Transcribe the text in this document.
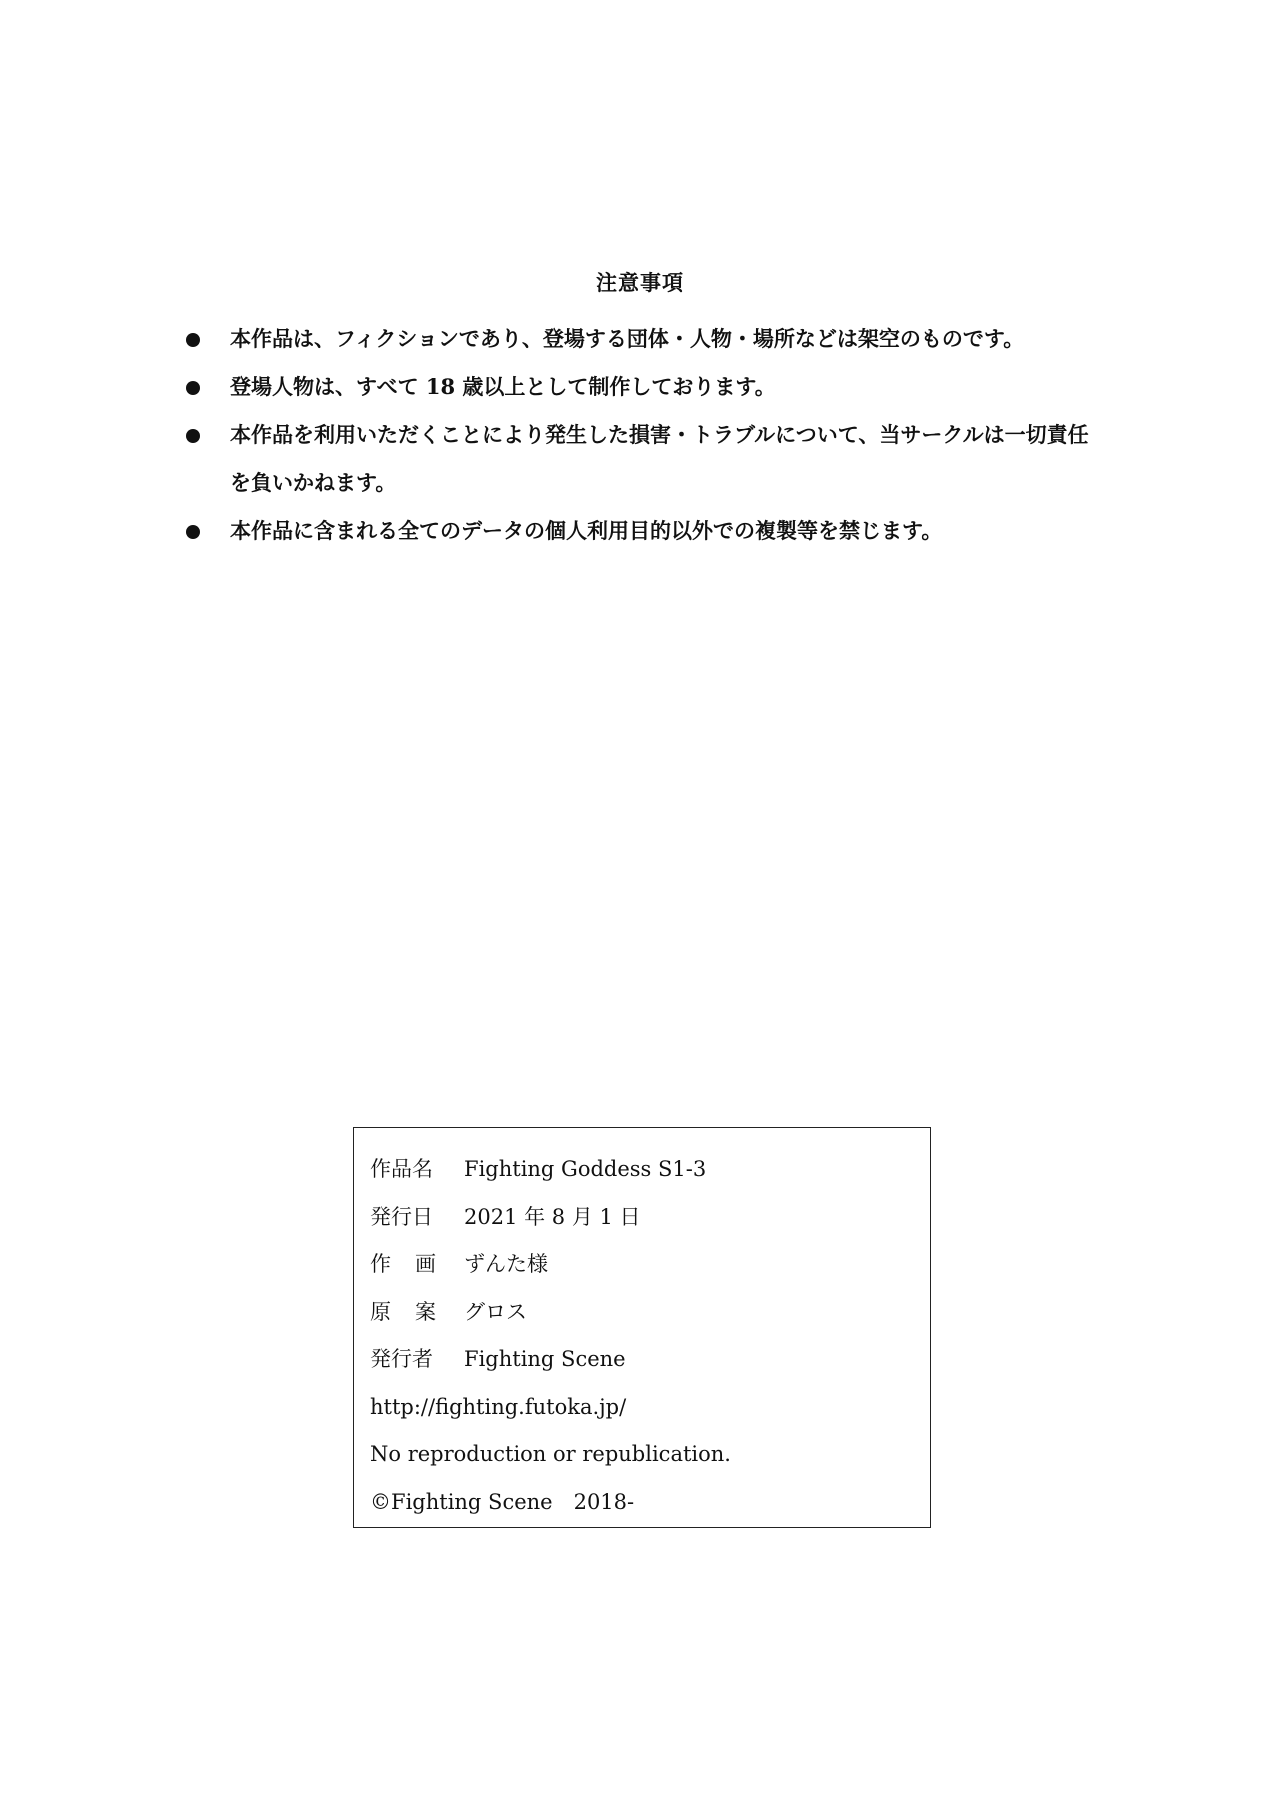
注意事項
本作品は、フィクションであり、登場する団体・人物・場所などは架空のものです。
登場人物は、すべて 18 歳以上として制作しております。
本作品を利用いただくことにより発生した損害・トラブルについて、当サークルは一切責任を負いかねます。
本作品に含まれる全てのデータの個人利用目的以外での複製等を禁じます。
作品名 Fighting Goddess S1-3
発行日 2021 年 8 月 1 日
作 画 ずんた様
原 案 グロス
発行者 Fighting Scene
http://fighting.futoka.jp/
No reproduction or republication.
©Fighting Scene　2018-
